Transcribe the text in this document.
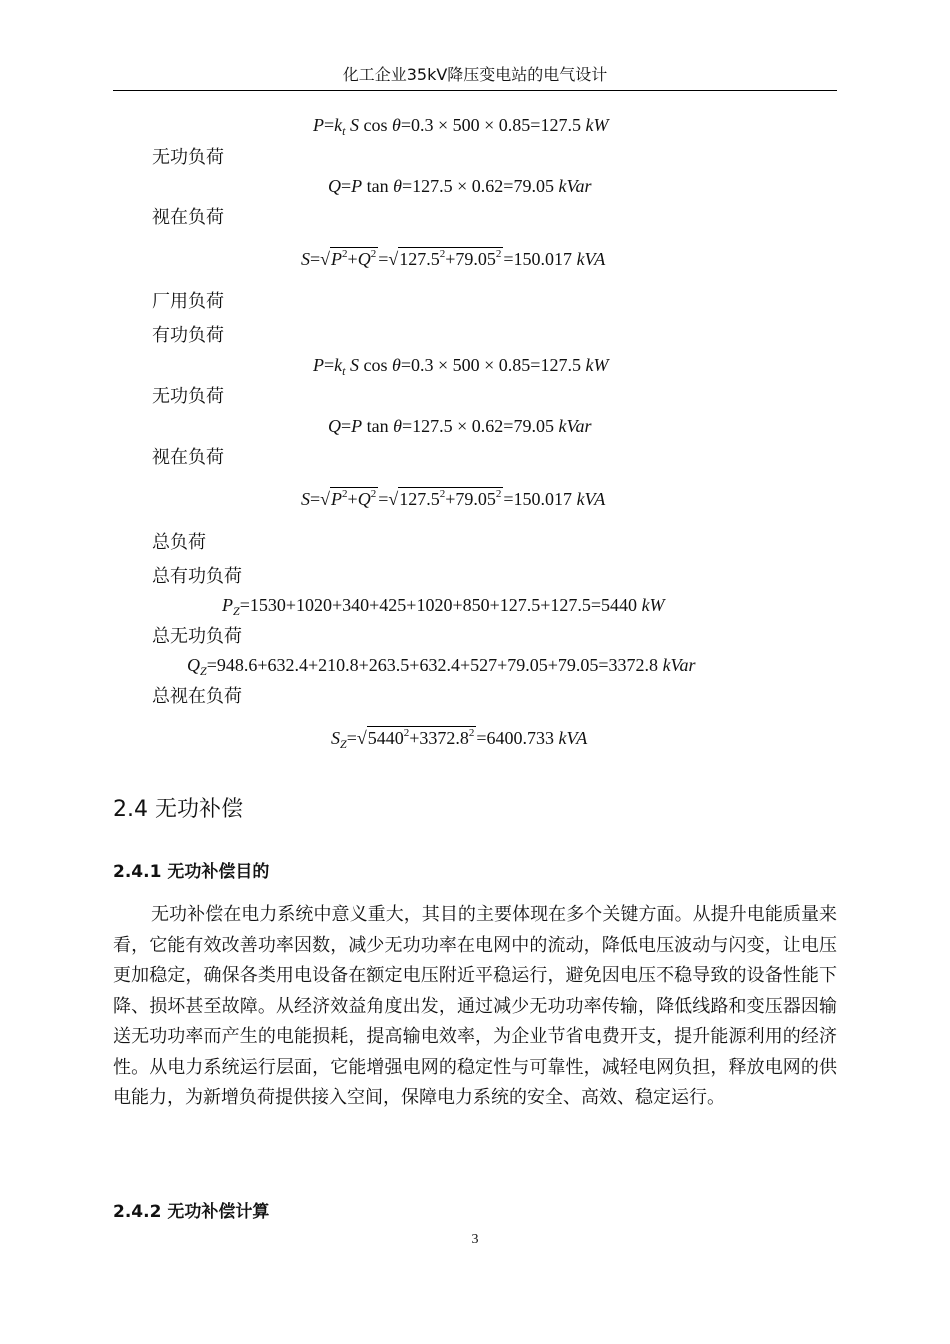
化工企业35kV降压变电站的电气设计
$P=k_t$ S cos θ=0.3 × 500 × 0.85=127.5 kW
无功负荷
Q=P tan θ=127.5 × 0.62=79.05 kVar
视在负荷
$S=√P^2+Q^2 =√127.5^2+79.05^2 =150.017$ kVA
厂用负荷
有功负荷
$P=k_t$ S cos θ=0.3 × 500 × 0.85=127.5 kW
无功负荷
Q=P tan θ=127.5 × 0.62=79.05 kVar
视在负荷
$S=√P^2+Q^2 =√127.5^2+79.05^2 =150.017$ kVA
总负荷
总有功负荷
$P_Z=1530+1020+340+425+1020+850+127.5+127.5=5440$ kW
总无功负荷
$Q_Z=948.6+632.4+210.8+263.5+632.4+527+79.05+79.05=3372.8$ kVar
总视在负荷
$S_Z=√5440^2+3372.8^2 =6400.733$ kVA
2.4 无功补偿
2.4.1 无功补偿目的
无功补偿在电力系统中意义重大，其目的主要体现在多个关键方面。从提升电能质量来看，它能有效改善功率因数，减少无功功率在电网中的流动，降低电压波动与闪变，让电压更加稳定，确保各类用电设备在额定电压附近平稳运行，避免因电压不稳导致的设备性能下降、损坏甚至故障。从经济效益角度出发，通过减少无功功率传输，降低线路和变压器因输送无功功率而产生的电能损耗，提高输电效率，为企业节省电费开支，提升能源利用的经济性。从电力系统运行层面，它能增强电网的稳定性与可靠性，减轻电网负担，释放电网的供电能力，为新增负荷提供接入空间，保障电力系统的安全、高效、稳定运行。
2.4.2 无功补偿计算
3
